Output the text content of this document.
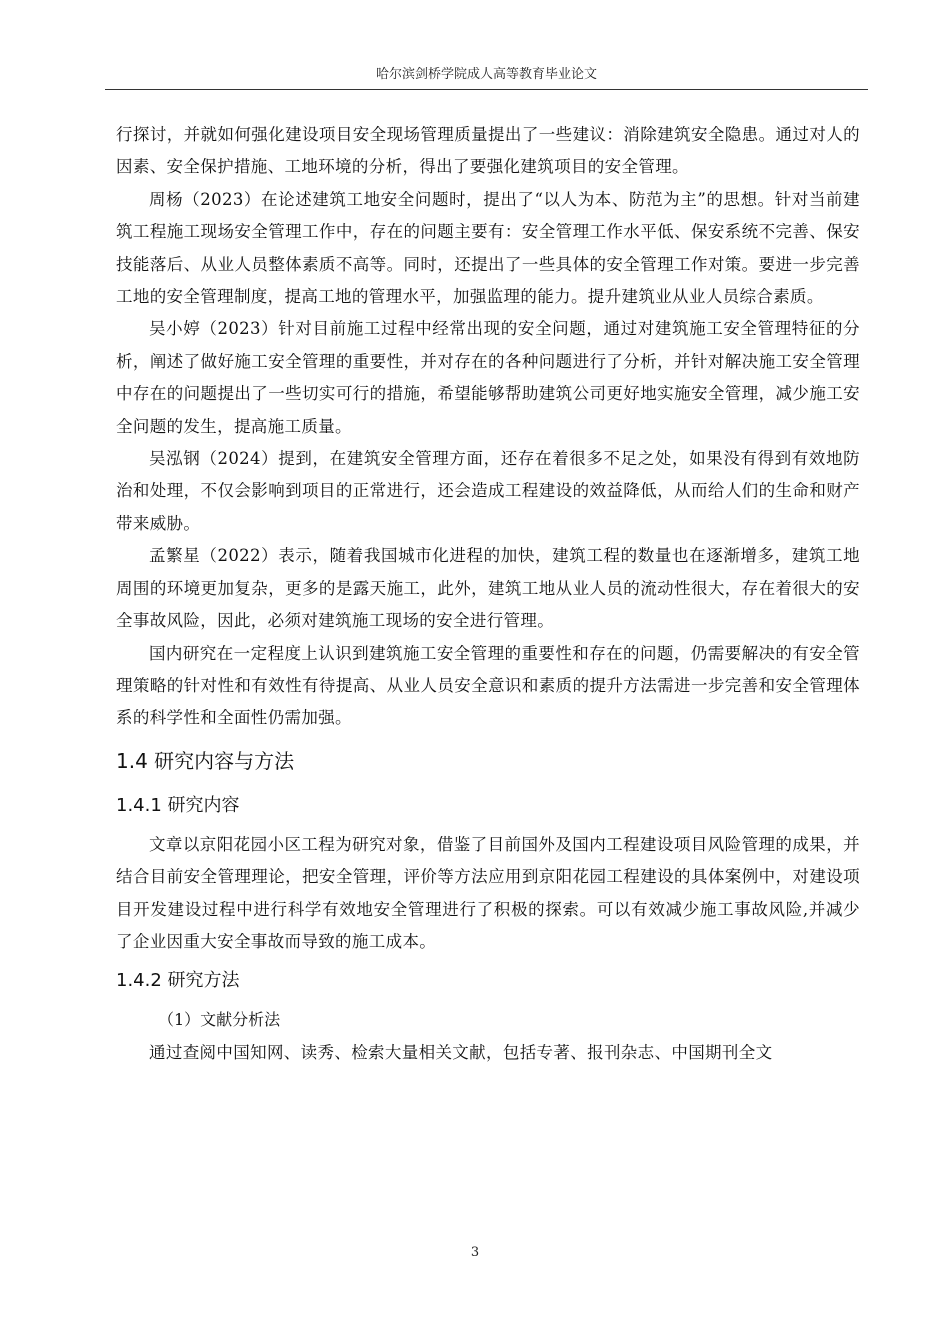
哈尔滨剑桥学院成人高等教育毕业论文

行探讨，并就如何强化建设项目安全现场管理质量提出了一些建议：消除建筑安全隐患。通过对人的因素、安全保护措施、工地环境的分析，得出了要强化建筑项目的安全管理。

周杨（2023）在论述建筑工地安全问题时，提出了“以人为本、防范为主”的思想。针对当前建筑工程施工现场安全管理工作中，存在的问题主要有：安全管理工作水平低、保安系统不完善、保安技能落后、从业人员整体素质不高等。同时，还提出了一些具体的安全管理工作对策。要进一步完善工地的安全管理制度，提高工地的管理水平，加强监理的能力。提升建筑业从业人员综合素质。

吴小婷（2023）针对目前施工过程中经常出现的安全问题，通过对建筑施工安全管理特征的分析，阐述了做好施工安全管理的重要性，并对存在的各种问题进行了分析，并针对解决施工安全管理中存在的问题提出了一些切实可行的措施，希望能够帮助建筑公司更好地实施安全管理，减少施工安全问题的发生，提高施工质量。

吴泓钢（2024）提到，在建筑安全管理方面，还存在着很多不足之处，如果没有得到有效地防治和处理，不仅会影响到项目的正常进行，还会造成工程建设的效益降低，从而给人们的生命和财产带来威胁。

孟繁星（2022）表示，随着我国城市化进程的加快，建筑工程的数量也在逐渐增多，建筑工地周围的环境更加复杂，更多的是露天施工，此外，建筑工地从业人员的流动性很大，存在着很大的安全事故风险，因此，必须对建筑施工现场的安全进行管理。

国内研究在一定程度上认识到建筑施工安全管理的重要性和存在的问题，仍需要解决的有安全管理策略的针对性和有效性有待提高、从业人员安全意识和素质的提升方法需进一步完善和安全管理体系的科学性和全面性仍需加强。

1.4 研究内容与方法
1.4.1 研究内容

文章以京阳花园小区工程为研究对象，借鉴了目前国外及国内工程建设项目风险管理的成果，并结合目前安全管理理论，把安全管理，评价等方法应用到京阳花园工程建设的具体案例中，对建设项目开发建设过程中进行科学有效地安全管理进行了积极的探索。可以有效减少施工事故风险,并减少了企业因重大安全事故而导致的施工成本。

1.4.2 研究方法

（1）文献分析法

通过查阅中国知网、读秀、检索大量相关文献，包括专著、报刊杂志、中国期刊全文

3
